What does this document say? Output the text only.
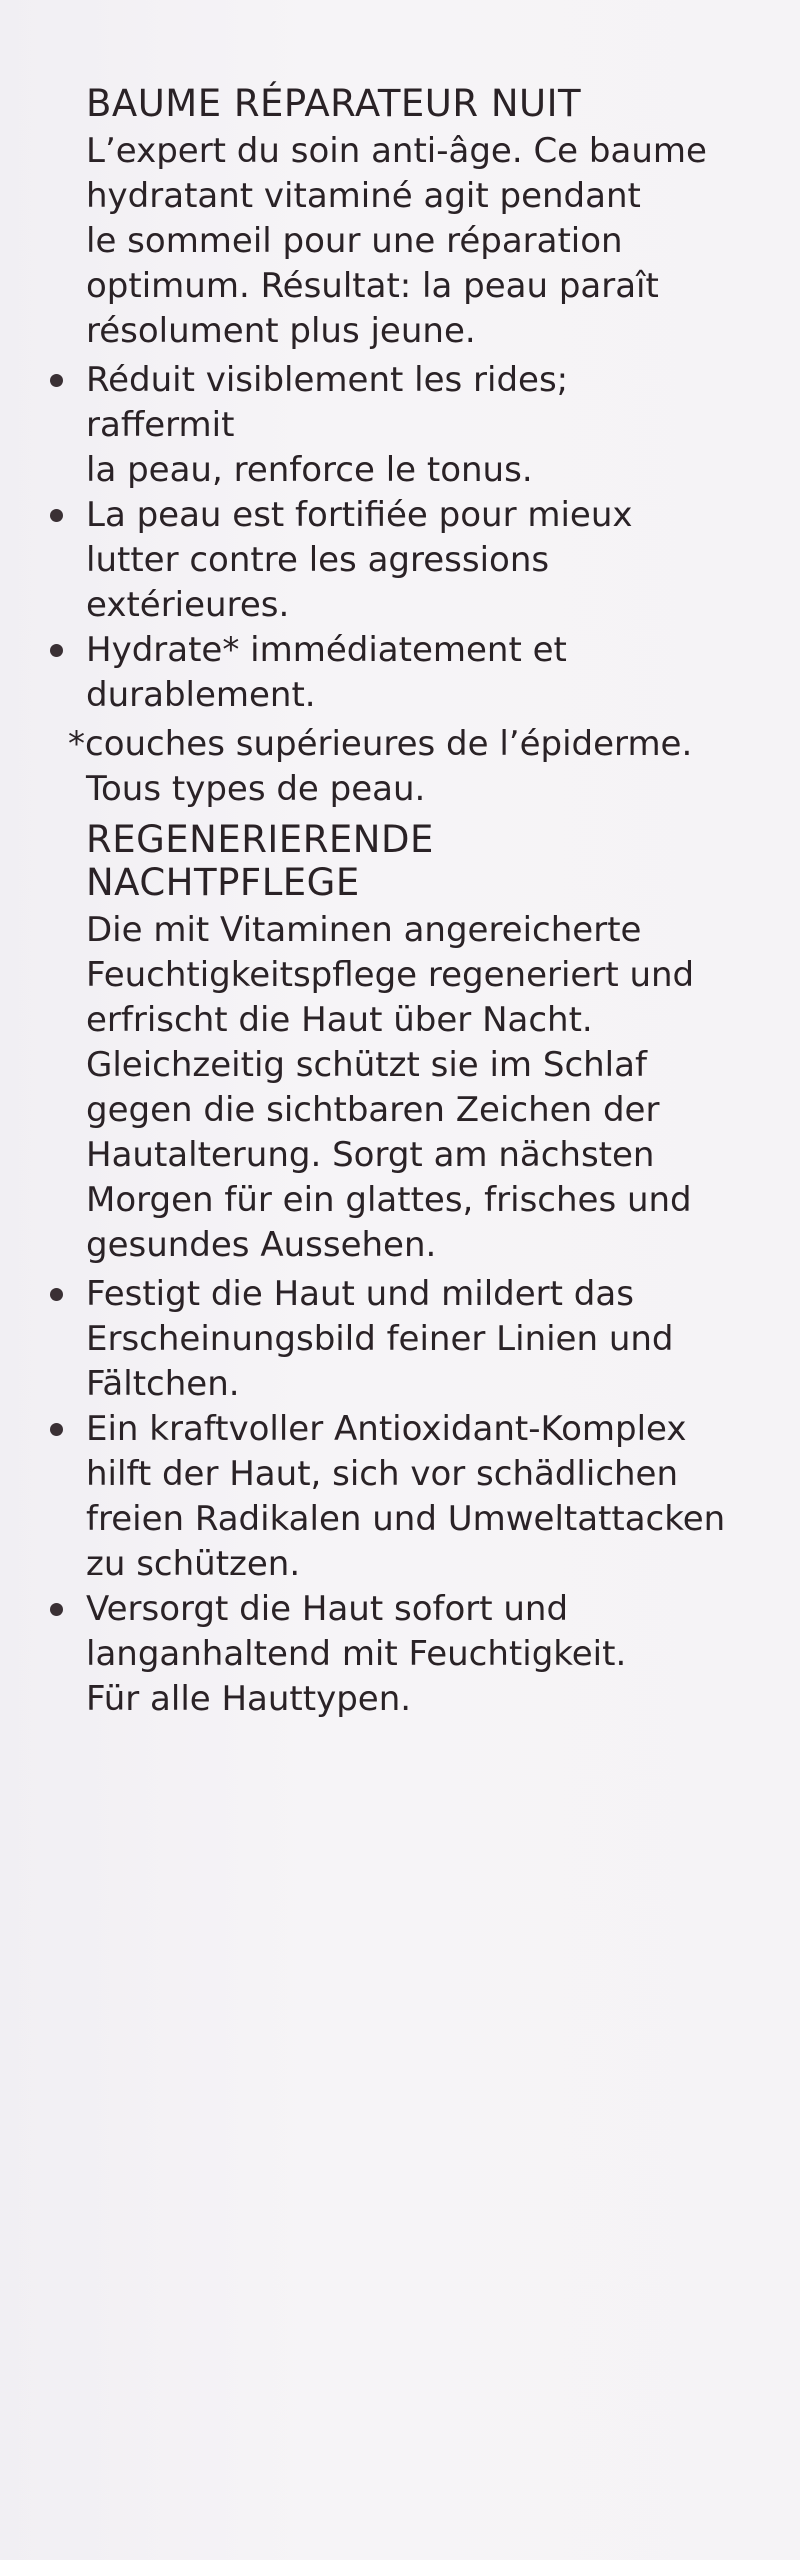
BAUME RÉPARATEUR NUIT

L’expert du soin anti-âge. Ce baume
hydratant vitaminé agit pendant
le sommeil pour une réparation
optimum. Résultat: la peau paraît
résolument plus jeune.

Réduit visiblement les rides; raffermit
la peau, renforce le tonus.
La peau est fortifiée pour mieux
lutter contre les agressions extérieures.
Hydrate* immédiatement et
durablement.

*couches supérieures de l’épiderme.
Tous types de peau.

REGENERIERENDE
NACHTPFLEGE

Die mit Vitaminen angereicherte
Feuchtigkeitspflege regeneriert und
erfrischt die Haut über Nacht.
Gleichzeitig schützt sie im Schlaf
gegen die sichtbaren Zeichen der
Hautalterung. Sorgt am nächsten
Morgen für ein glattes, frisches und
gesundes Aussehen.

Festigt die Haut und mildert das
Erscheinungsbild feiner Linien und
Fältchen.
Ein kraftvoller Antioxidant-Komplex
hilft der Haut, sich vor schädlichen
freien Radikalen und Umweltattacken
zu schützen.
Versorgt die Haut sofort und
langanhaltend mit Feuchtigkeit.
Für alle Hauttypen.
